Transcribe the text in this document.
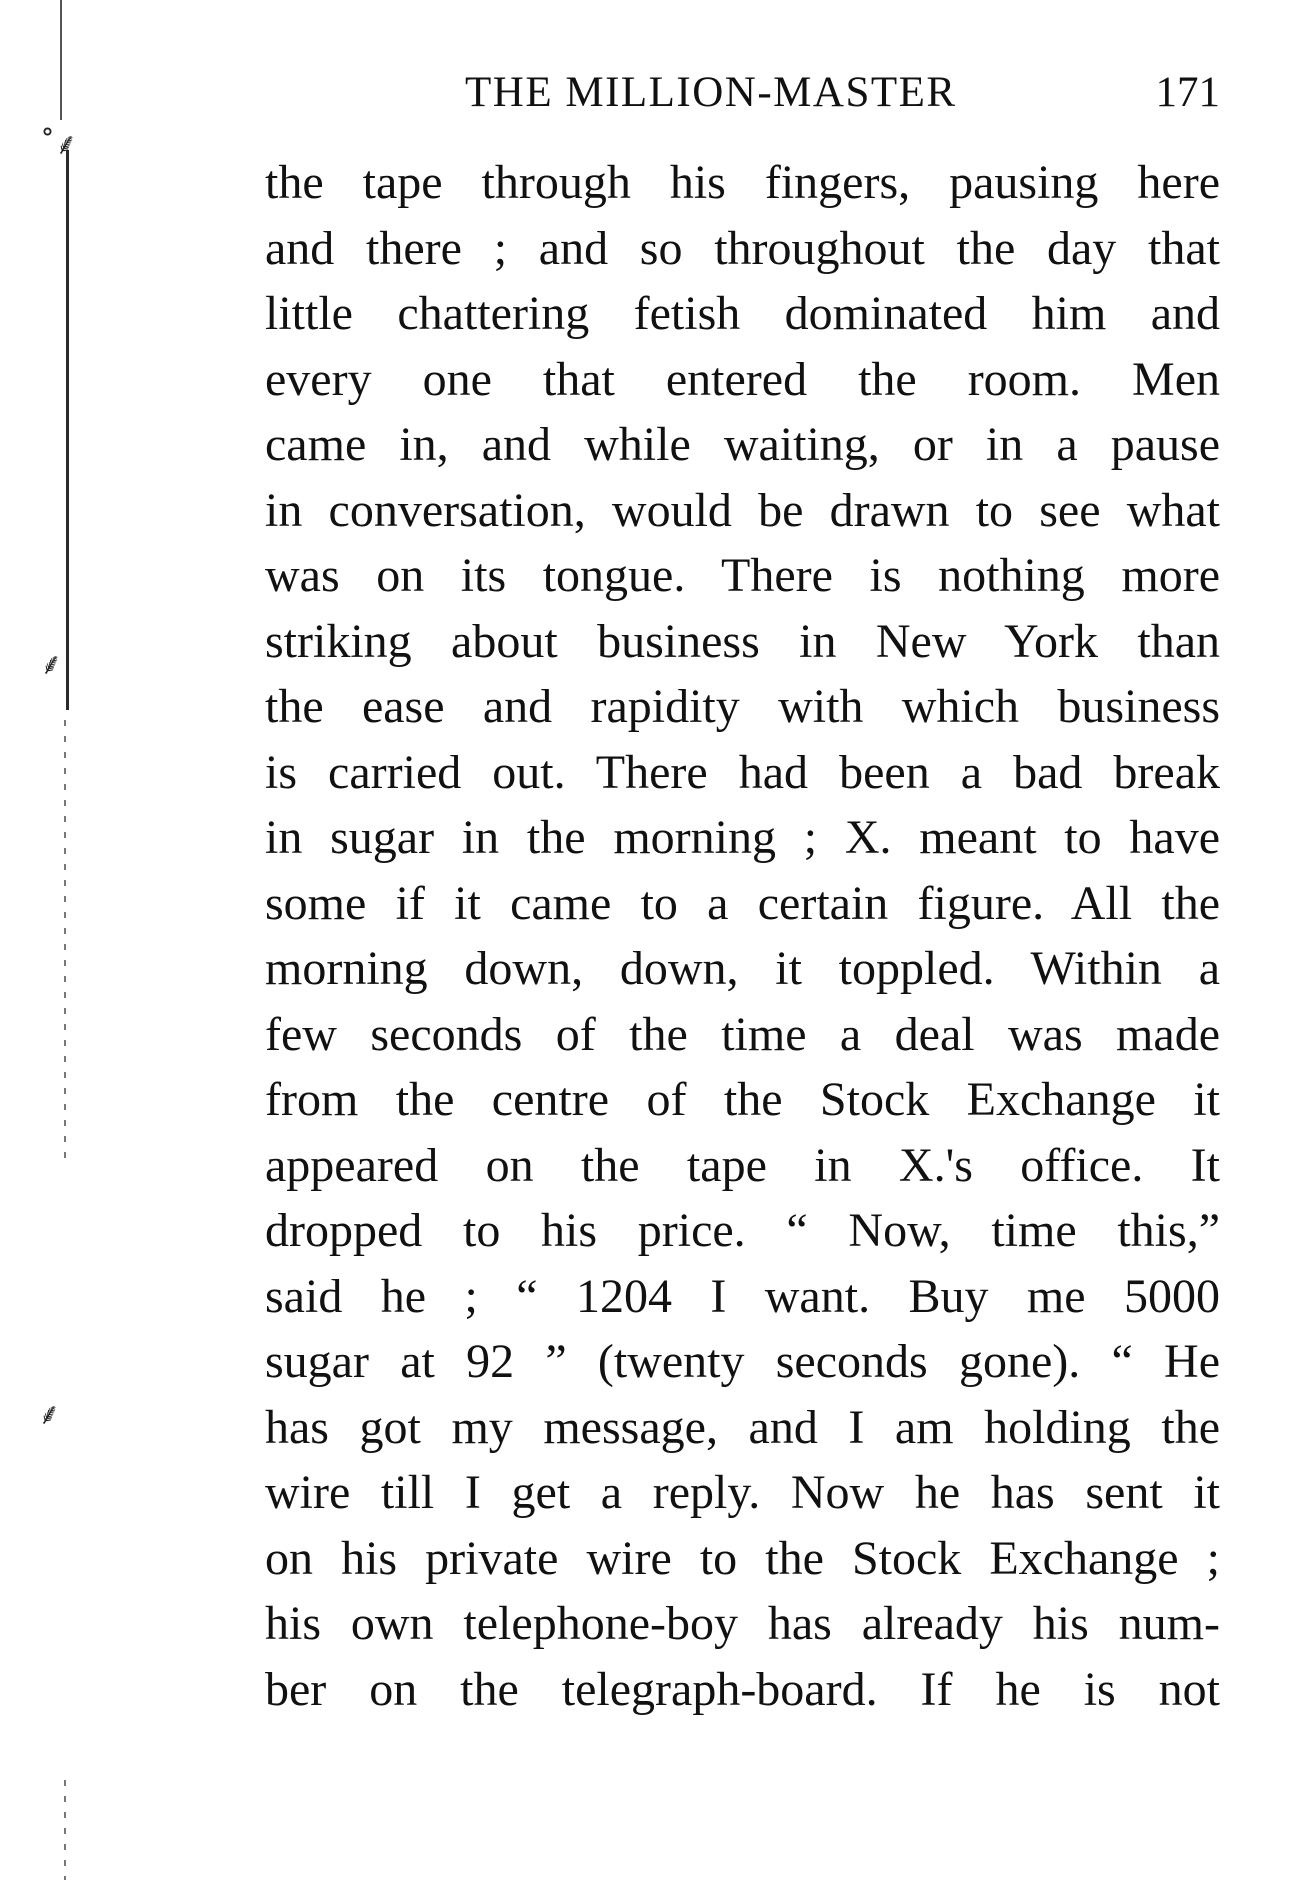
˚⸙
⸙
⸙
THE MILLION-MASTER	171
the tape through his fingers, pausing here
and there ; and so throughout the day that
little chattering fetish dominated him and
every one that entered the room. Men
came in, and while waiting, or in a pause
in conversation, would be drawn to see what
was on its tongue. There is nothing more
striking about business in New York than
the ease and rapidity with which business
is carried out. There had been a bad break
in sugar in the morning ; X. meant to have
some if it came to a certain figure. All the
morning down, down, it toppled. Within a
few seconds of the time a deal was made
from the centre of the Stock Exchange it
appeared on the tape in X.'s office. It
dropped to his price. “ Now, time this,”
said he ; “ 1204 I want. Buy me 5000
sugar at 92 ” (twenty seconds gone). “ He
has got my message, and I am holding the
wire till I get a reply. Now he has sent it
on his private wire to the Stock Exchange ;
his own telephone-boy has already his num-
ber on the telegraph-board. If he is not
